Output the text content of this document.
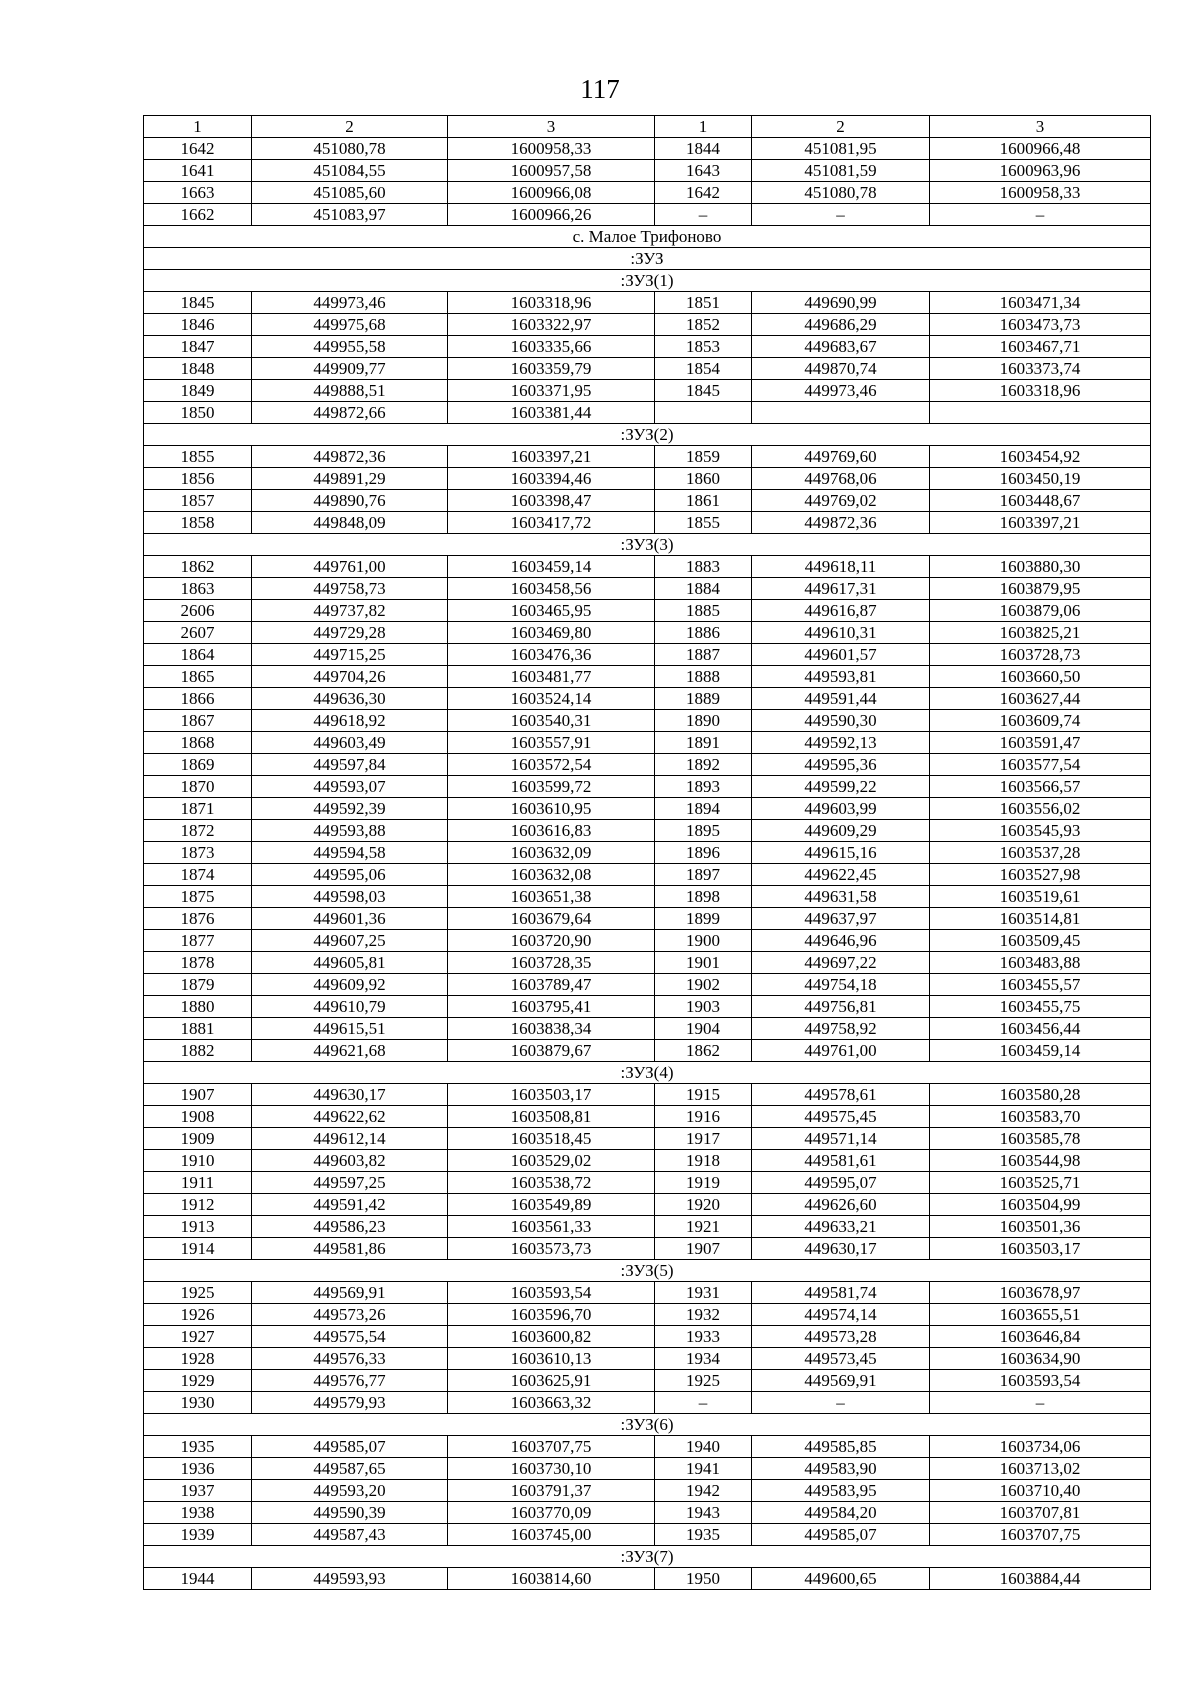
117
1	2	3	1	2	3
1642	451080,78	1600958,33	1844	451081,95	1600966,48
1641	451084,55	1600957,58	1643	451081,59	1600963,96
1663	451085,60	1600966,08	1642	451080,78	1600958,33
1662	451083,97	1600966,26	–	–	–
с. Малое Трифоново					
:ЗУЗ					
:ЗУЗ(1)					
1845	449973,46	1603318,96	1851	449690,99	1603471,34
1846	449975,68	1603322,97	1852	449686,29	1603473,73
1847	449955,58	1603335,66	1853	449683,67	1603467,71
1848	449909,77	1603359,79	1854	449870,74	1603373,74
1849	449888,51	1603371,95	1845	449973,46	1603318,96
1850	449872,66	1603381,44			
:ЗУЗ(2)					
1855	449872,36	1603397,21	1859	449769,60	1603454,92
1856	449891,29	1603394,46	1860	449768,06	1603450,19
1857	449890,76	1603398,47	1861	449769,02	1603448,67
1858	449848,09	1603417,72	1855	449872,36	1603397,21
:ЗУЗ(3)					
1862	449761,00	1603459,14	1883	449618,11	1603880,30
1863	449758,73	1603458,56	1884	449617,31	1603879,95
2606	449737,82	1603465,95	1885	449616,87	1603879,06
2607	449729,28	1603469,80	1886	449610,31	1603825,21
1864	449715,25	1603476,36	1887	449601,57	1603728,73
1865	449704,26	1603481,77	1888	449593,81	1603660,50
1866	449636,30	1603524,14	1889	449591,44	1603627,44
1867	449618,92	1603540,31	1890	449590,30	1603609,74
1868	449603,49	1603557,91	1891	449592,13	1603591,47
1869	449597,84	1603572,54	1892	449595,36	1603577,54
1870	449593,07	1603599,72	1893	449599,22	1603566,57
1871	449592,39	1603610,95	1894	449603,99	1603556,02
1872	449593,88	1603616,83	1895	449609,29	1603545,93
1873	449594,58	1603632,09	1896	449615,16	1603537,28
1874	449595,06	1603632,08	1897	449622,45	1603527,98
1875	449598,03	1603651,38	1898	449631,58	1603519,61
1876	449601,36	1603679,64	1899	449637,97	1603514,81
1877	449607,25	1603720,90	1900	449646,96	1603509,45
1878	449605,81	1603728,35	1901	449697,22	1603483,88
1879	449609,92	1603789,47	1902	449754,18	1603455,57
1880	449610,79	1603795,41	1903	449756,81	1603455,75
1881	449615,51	1603838,34	1904	449758,92	1603456,44
1882	449621,68	1603879,67	1862	449761,00	1603459,14
:ЗУЗ(4)					
1907	449630,17	1603503,17	1915	449578,61	1603580,28
1908	449622,62	1603508,81	1916	449575,45	1603583,70
1909	449612,14	1603518,45	1917	449571,14	1603585,78
1910	449603,82	1603529,02	1918	449581,61	1603544,98
1911	449597,25	1603538,72	1919	449595,07	1603525,71
1912	449591,42	1603549,89	1920	449626,60	1603504,99
1913	449586,23	1603561,33	1921	449633,21	1603501,36
1914	449581,86	1603573,73	1907	449630,17	1603503,17
:ЗУЗ(5)					
1925	449569,91	1603593,54	1931	449581,74	1603678,97
1926	449573,26	1603596,70	1932	449574,14	1603655,51
1927	449575,54	1603600,82	1933	449573,28	1603646,84
1928	449576,33	1603610,13	1934	449573,45	1603634,90
1929	449576,77	1603625,91	1925	449569,91	1603593,54
1930	449579,93	1603663,32	–	–	–
:ЗУЗ(6)					
1935	449585,07	1603707,75	1940	449585,85	1603734,06
1936	449587,65	1603730,10	1941	449583,90	1603713,02
1937	449593,20	1603791,37	1942	449583,95	1603710,40
1938	449590,39	1603770,09	1943	449584,20	1603707,81
1939	449587,43	1603745,00	1935	449585,07	1603707,75
:ЗУЗ(7)					
1944	449593,93	1603814,60	1950	449600,65	1603884,44
